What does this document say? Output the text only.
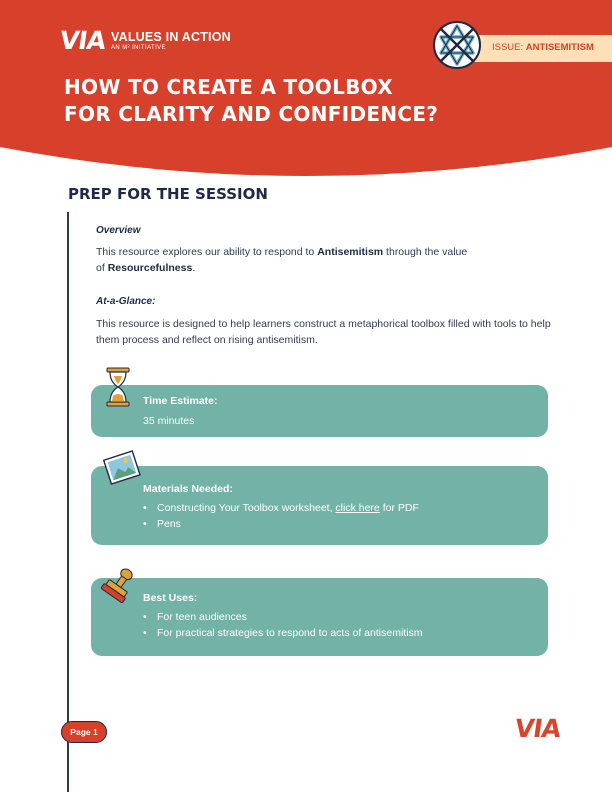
VIA VALUES IN ACTION
AN M² INITIATIVE	ISSUE: ANTISEMITISM
HOW TO CREATE A TOOLBOX
FOR CLARITY AND CONFIDENCE?
PREP FOR THE SESSION
Overview

This resource explores our ability to respond to Antisemitism through the value
of Resourcefulness.

At-a-Glance:

This resource is designed to help learners construct a metaphorical toolbox filled with tools to help them process and reflect on rising antisemitism.

Time Estimate:

35 minutes

Materials Needed:

• Constructing Your Toolbox worksheet, click here for PDF
• Pens

Best Uses:

• For teen audiences
• For practical strategies to respond to acts of antisemitism
Page 1	VIA
